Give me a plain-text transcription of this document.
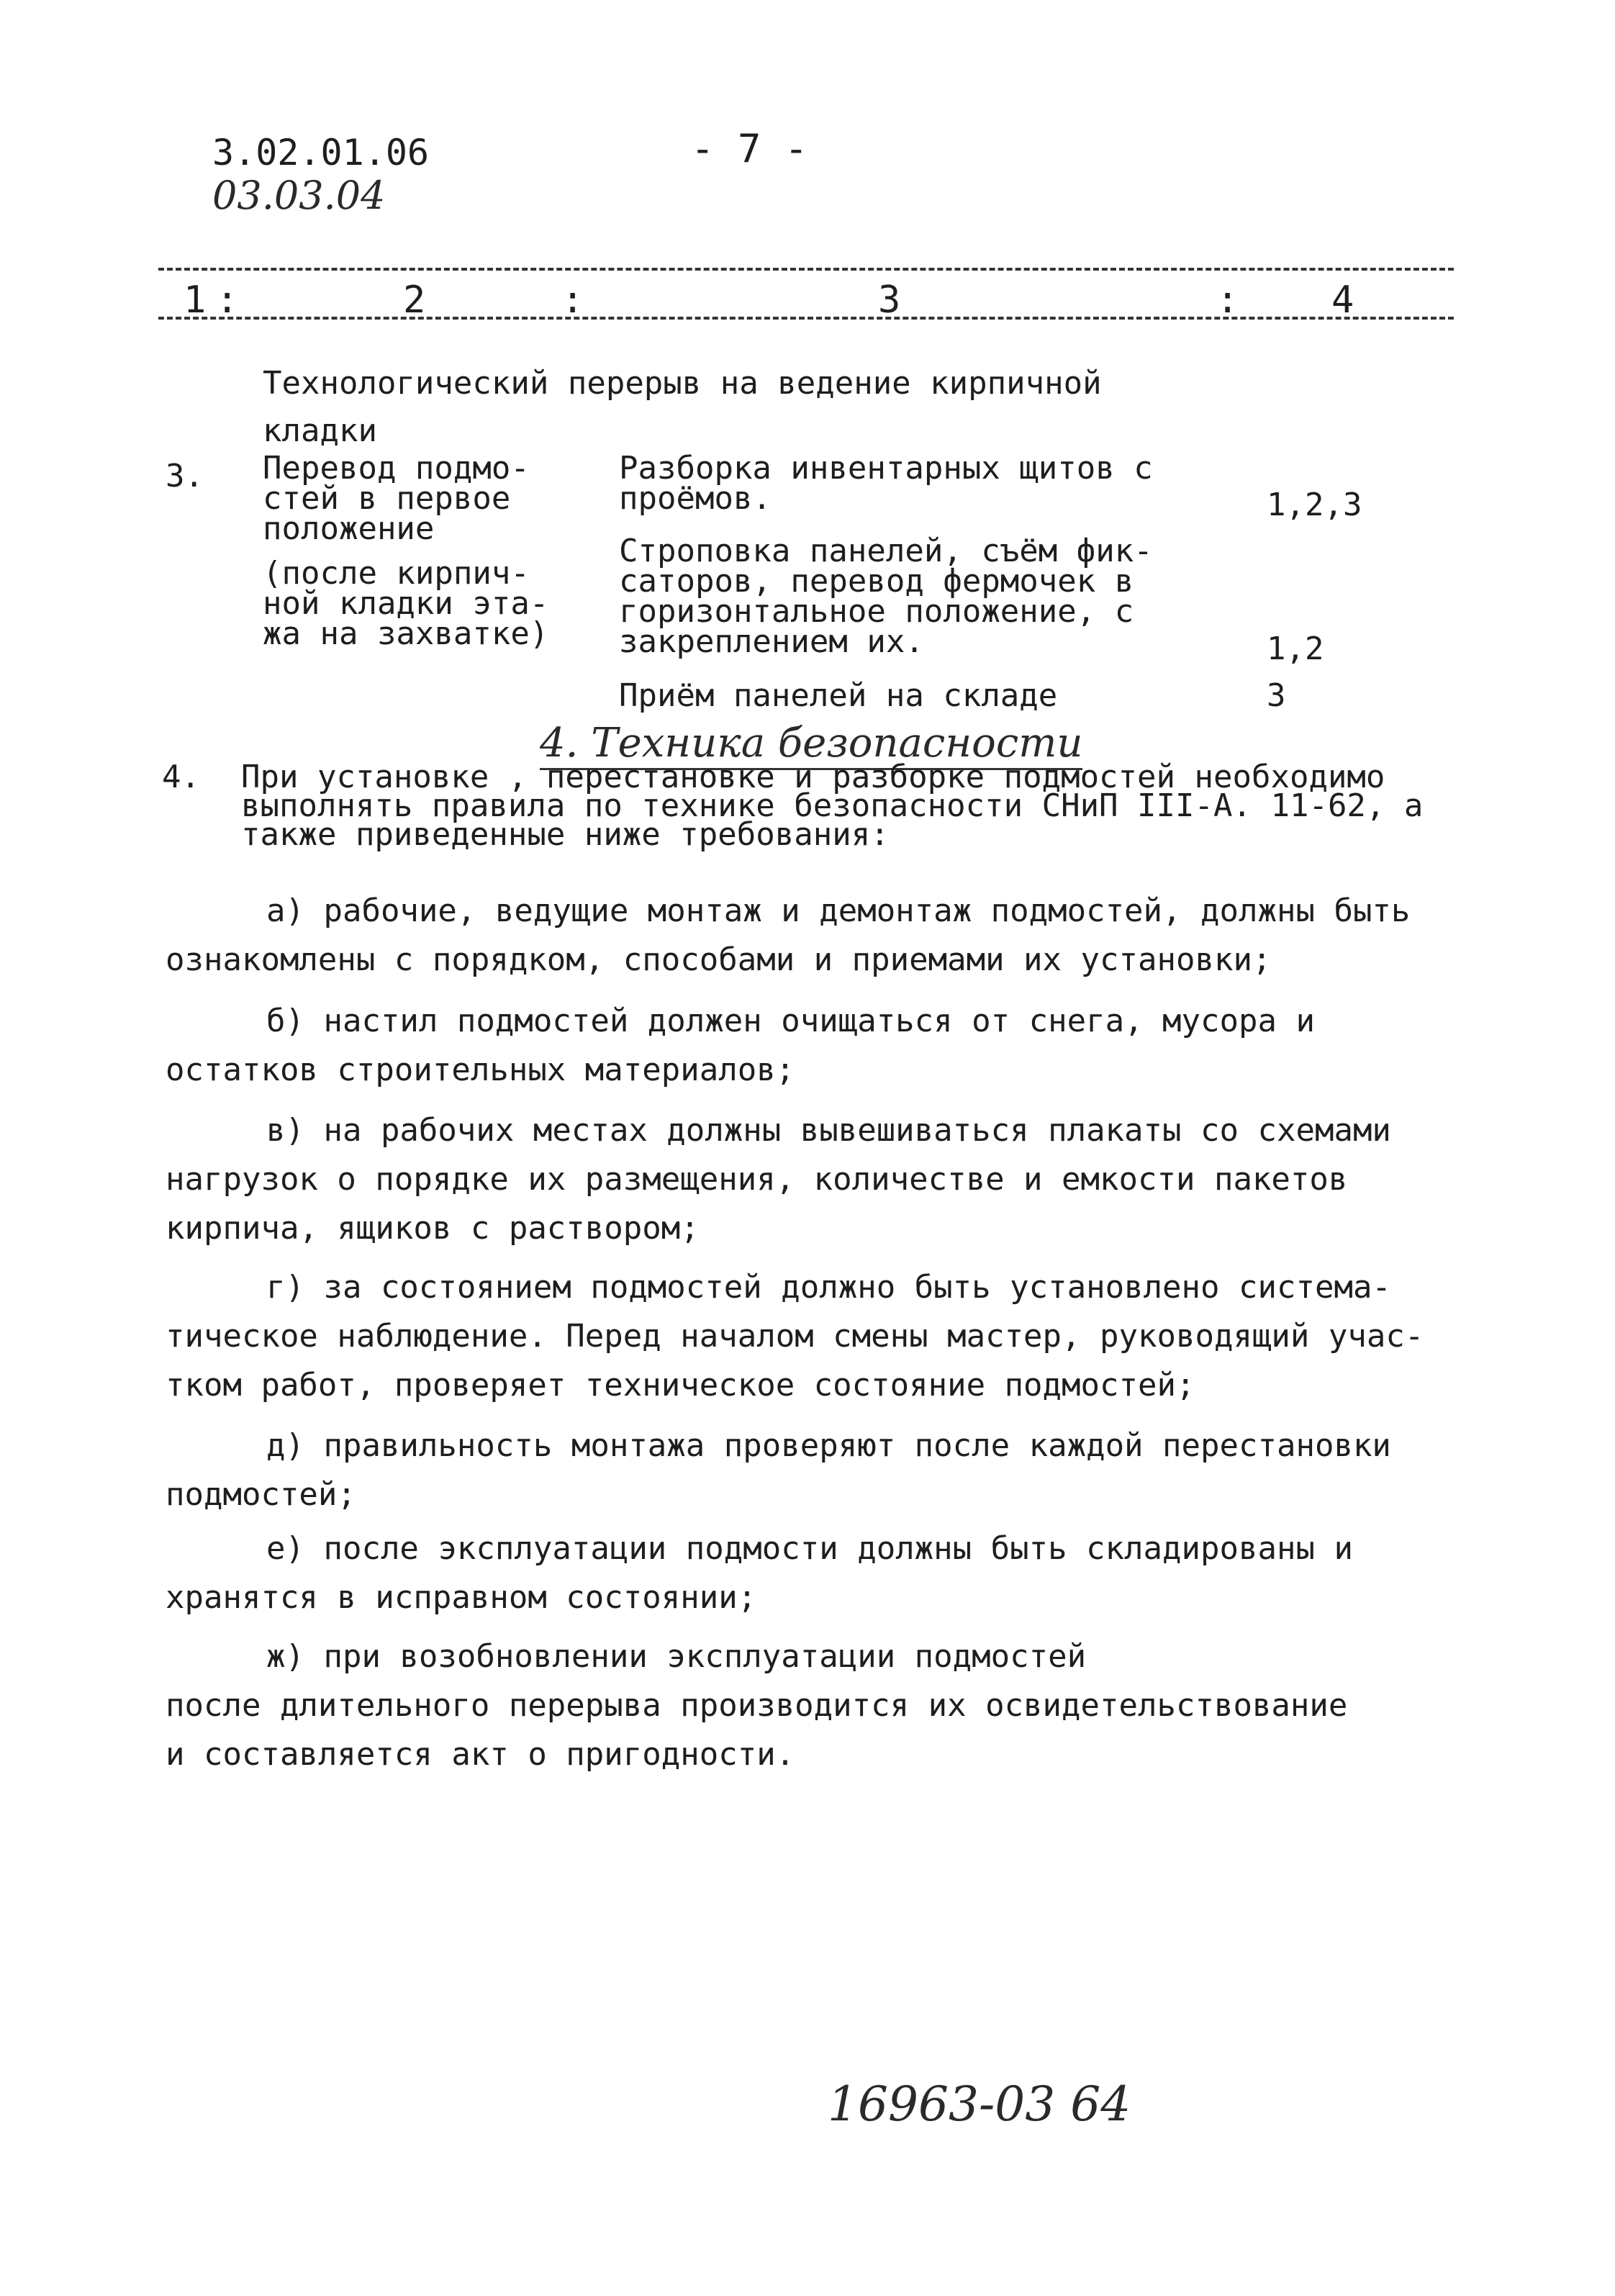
3.02.01.06
03.03.04
- 7 -
1 :	2	:	3	: 4
Технологический перерыв на ведение кирпичной кладки
3. Перевод подмо-
стей в первое
положение
(после кирпич-
ной кладки эта-
жа на захватке)
Разборка инвентарных щитов с
проёмов.	1,2,3
Строповка панелей, съём фик-
саторов, перевод фермочек в
горизонтальное положение, с
закреплением их.	1,2
Приём панелей на складе	3
4. Техника безопасности
4. При установке , перестановке и разборке подмостей необходимо
выполнять правила по технике безопасности СНиП III-А. 11-62, а
также приведенные ниже требования:
а) рабочие, ведущие монтаж и демонтаж подмостей, должны быть
ознакомлены с порядком, способами и приемами их установки;
б) настил подмостей должен очищаться от снега, мусора и
остатков строительных материалов;
в) на рабочих местах должны вывешиваться плакаты со схемами
нагрузок о порядке их размещения, количестве и емкости пакетов
кирпича, ящиков с раствором;
г) за состоянием подмостей должно быть установлено система-
тическое наблюдение. Перед началом смены мастер, руководящий учас-
тком работ, проверяет техническое состояние подмостей;
д) правильность монтажа проверяют после каждой перестановки
подмостей;
е) после эксплуатации подмости должны быть складированы и
хранятся в исправном состоянии;
ж) при возобновлении эксплуатации подмостей
после длительного перерыва производится их освидетельствование
и составляется акт о пригодности.
16963-03 64
